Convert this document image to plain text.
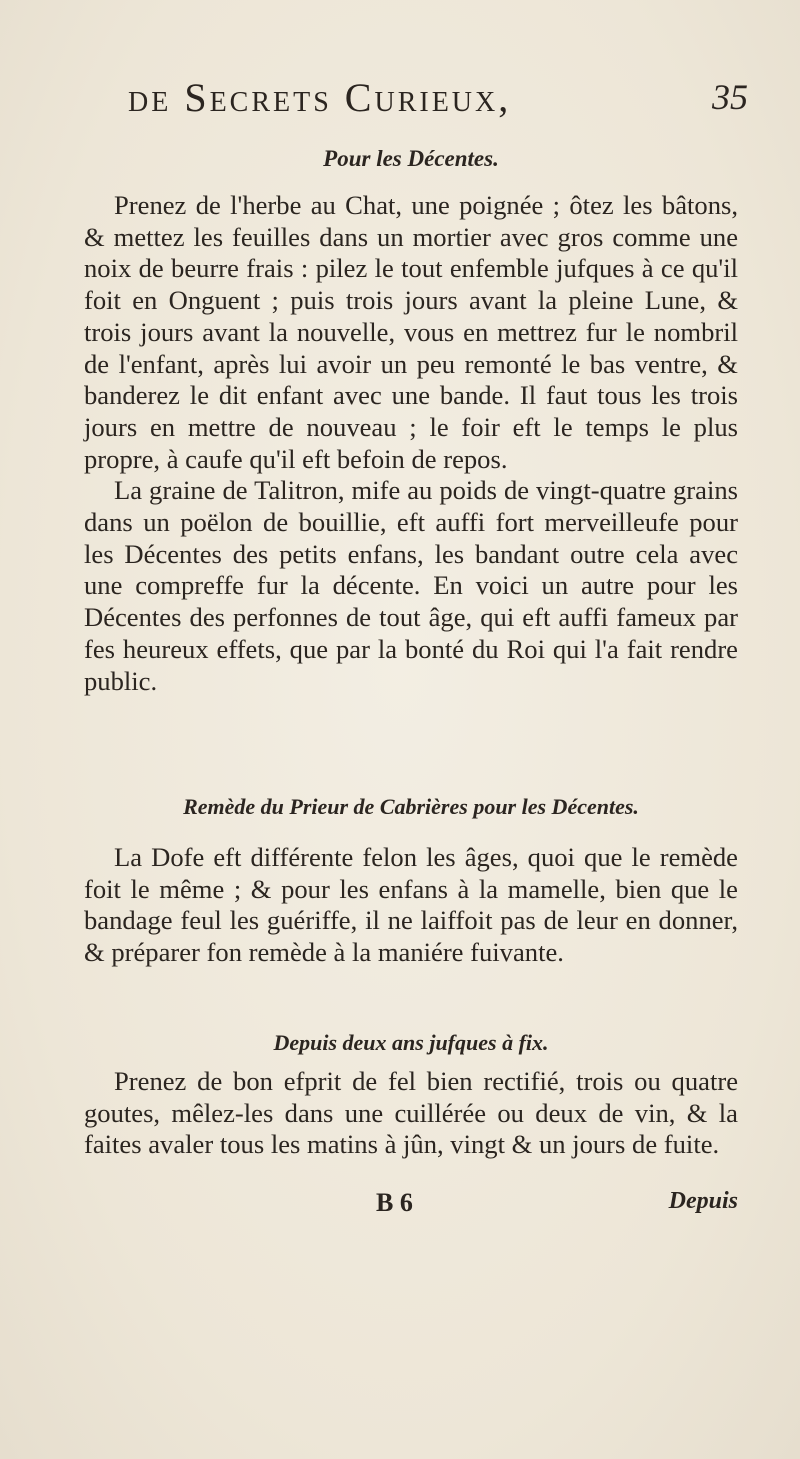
de Secrets Curieux,	35
Pour les Décentes.

Prenez de l'herbe au Chat, une poignée ; ôtez les bâtons, & mettez les feuilles dans un mortier avec gros comme une noix de beurre frais : pilez le tout enfemble jufques à ce qu'il foit en Onguent ; puis trois jours avant la pleine Lune, & trois jours avant la nouvelle, vous en mettrez fur le nombril de l'enfant, après lui avoir un peu remonté le bas ventre, & banderez le dit enfant avec une bande. Il faut tous les trois jours en mettre de nouveau ; le foir eft le temps le plus propre, à caufe qu'il eft befoin de repos.

La graine de Talitron, mife au poids de vingt-quatre grains dans un poëlon de bouillie, eft auffi fort merveilleufe pour les Décentes des petits enfans, les bandant outre cela avec une compreffe fur la décente. En voici un autre pour les Décentes des perfonnes de tout âge, qui eft auffi fameux par fes heureux effets, que par la bonté du Roi qui l'a fait rendre public.

Remède du Prieur de Cabrières pour les Décentes.

La Dofe eft différente felon les âges, quoi que le remède foit le même ; & pour les enfans à la mamelle, bien que le bandage feul les guériffe, il ne laiffoit pas de leur en donner, & préparer fon remède à la maniére fuivante.

Depuis deux ans jufques à fix.

Prenez de bon efprit de fel bien rectifié, trois ou quatre goutes, mêlez-les dans une cuillérée ou deux de vin, & la faites avaler tous les matins à jûn, vingt & un jours de fuite.

B 6	Depuis
